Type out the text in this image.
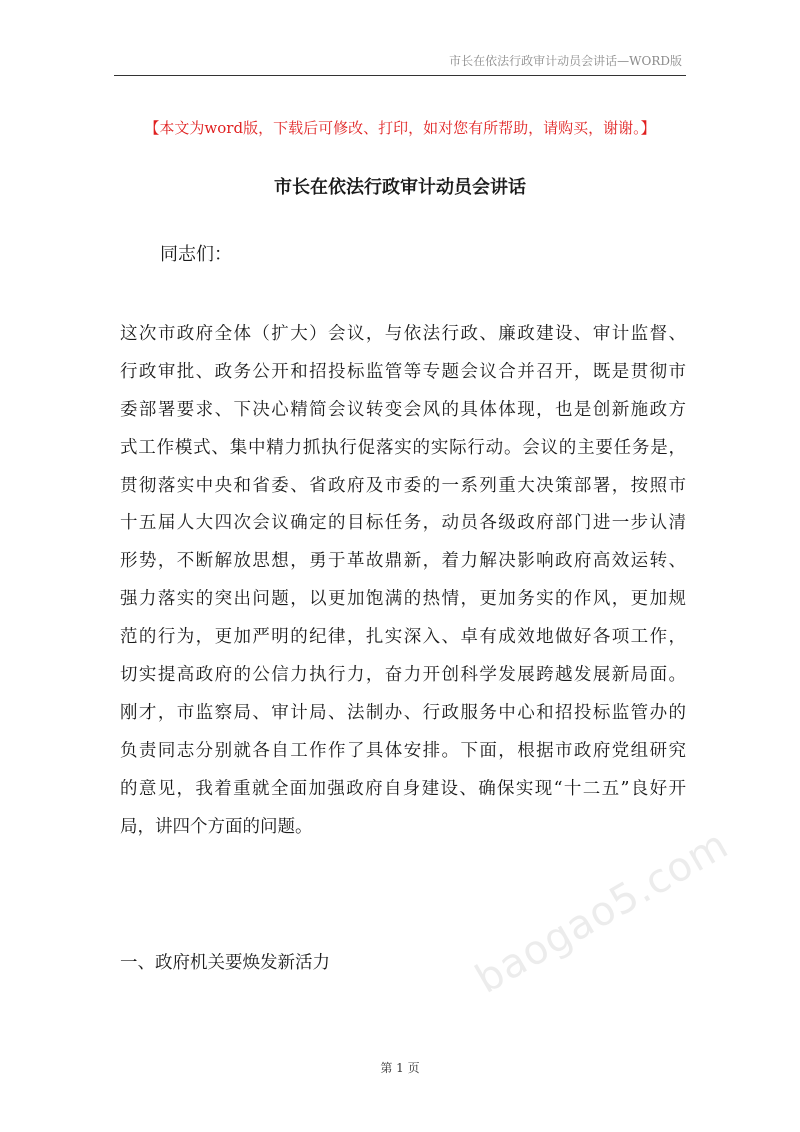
市长在依法行政审计动员会讲话—WORD版
【本文为word版，下载后可修改、打印，如对您有所帮助，请购买，谢谢。】
市长在依法行政审计动员会讲话
同志们：
这次市政府全体（扩大）会议，与依法行政、廉政建设、审计监督、
行政审批、政务公开和招投标监管等专题会议合并召开，既是贯彻市
委部署要求、下决心精简会议转变会风的具体体现，也是创新施政方
式工作模式、集中精力抓执行促落实的实际行动。会议的主要任务是，
贯彻落实中央和省委、省政府及市委的一系列重大决策部署，按照市
十五届人大四次会议确定的目标任务，动员各级政府部门进一步认清
形势，不断解放思想，勇于革故鼎新，着力解决影响政府高效运转、
强力落实的突出问题，以更加饱满的热情，更加务实的作风，更加规
范的行为，更加严明的纪律，扎实深入、卓有成效地做好各项工作，
切实提高政府的公信力执行力，奋力开创科学发展跨越发展新局面。
刚才，市监察局、审计局、法制办、行政服务中心和招投标监管办的
负责同志分别就各自工作作了具体安排。下面，根据市政府党组研究
的意见，我着重就全面加强政府自身建设、确保实现“十二五”良好开
局，讲四个方面的问题。
一、政府机关要焕发新活力	baogao5.com
第 1 页
